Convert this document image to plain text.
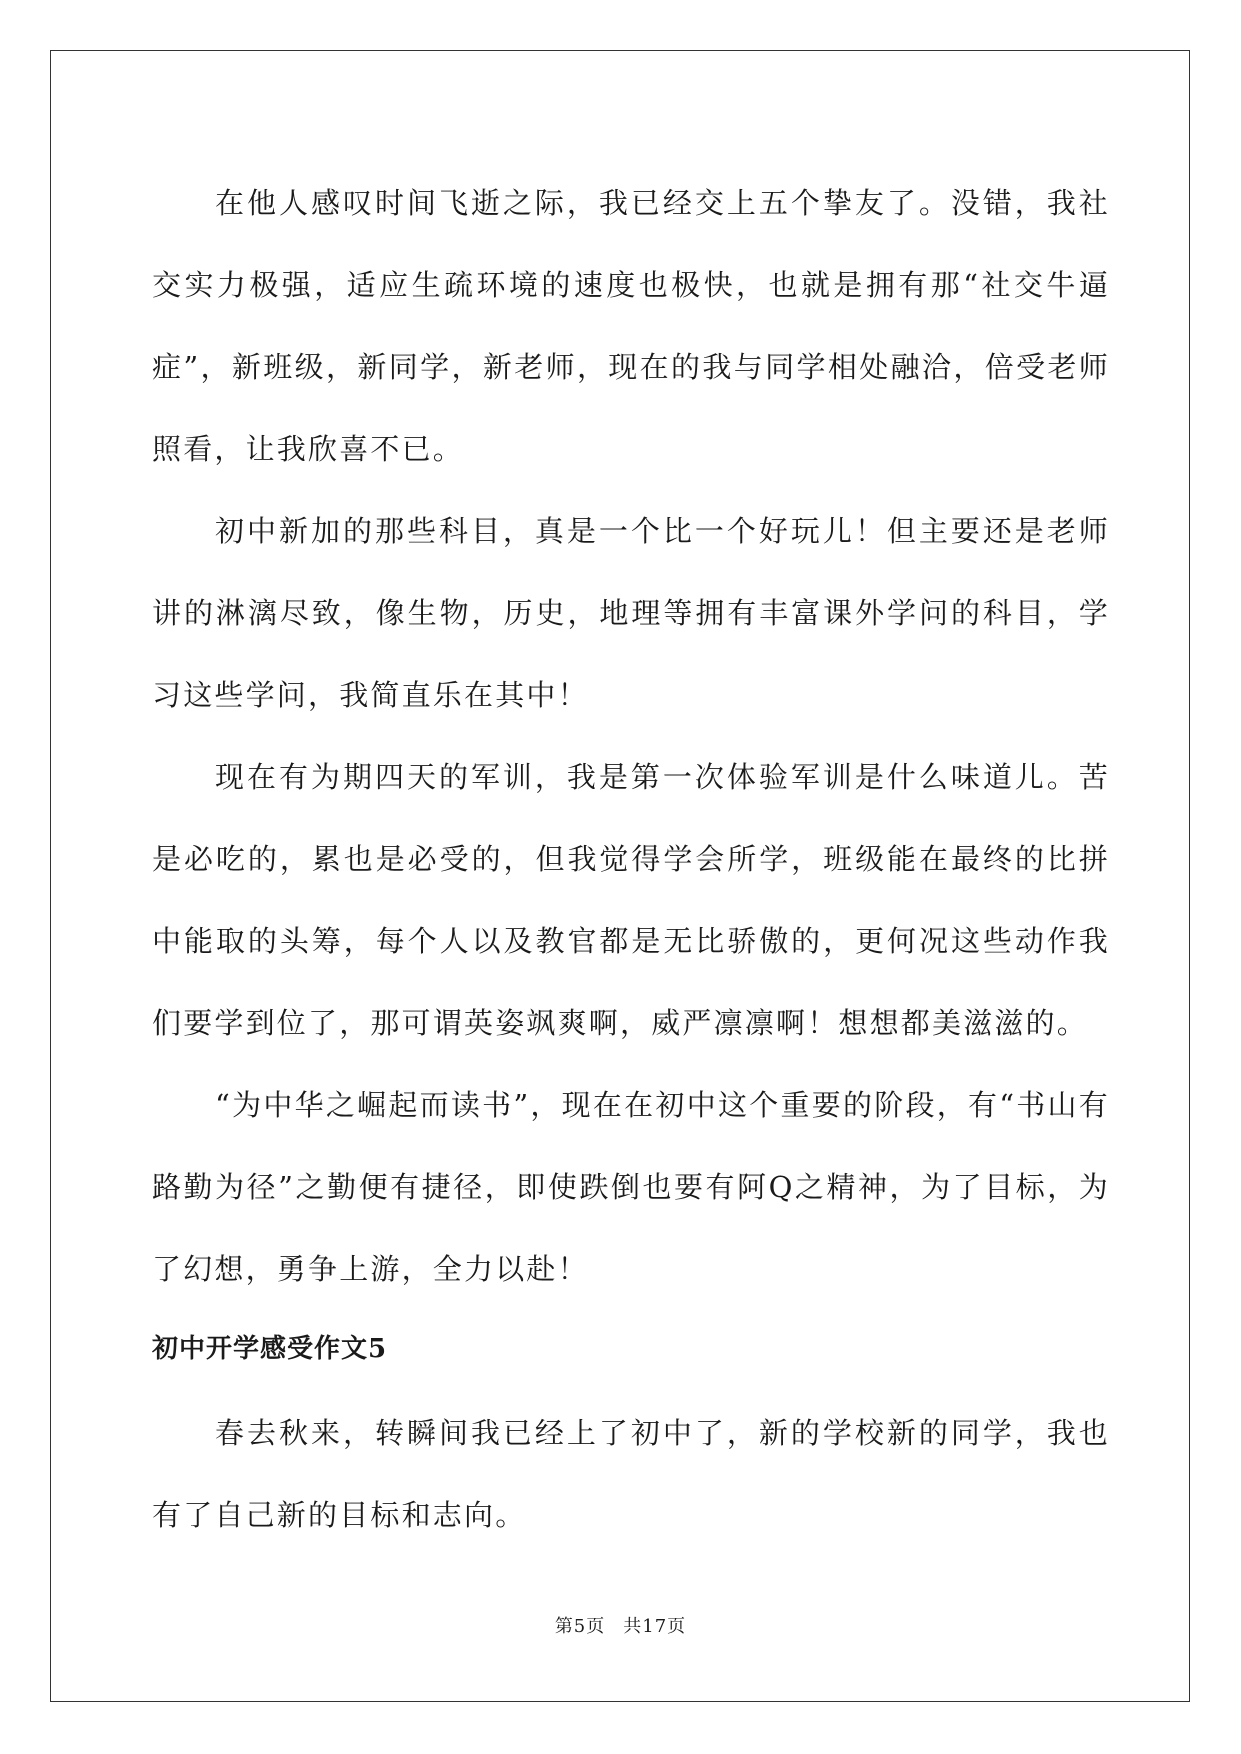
在他人感叹时间飞逝之际，我已经交上五个挚友了。没错，我社交实力极强，适应生疏环境的速度也极快，也就是拥有那“社交牛逼症”，新班级，新同学，新老师，现在的我与同学相处融洽，倍受老师照看，让我欣喜不已。

初中新加的那些科目，真是一个比一个好玩儿！但主要还是老师讲的淋漓尽致，像生物，历史，地理等拥有丰富课外学问的科目，学习这些学问，我简直乐在其中！

现在有为期四天的军训，我是第一次体验军训是什么味道儿。苦是必吃的，累也是必受的，但我觉得学会所学，班级能在最终的比拼中能取的头筹，每个人以及教官都是无比骄傲的，更何况这些动作我们要学到位了，那可谓英姿飒爽啊，威严凛凛啊！想想都美滋滋的。

“为中华之崛起而读书”，现在在初中这个重要的阶段，有“书山有路勤为径”之勤便有捷径，即使跌倒也要有阿Q之精神，为了目标，为了幻想，勇争上游，全力以赴！

初中开学感受作文5

春去秋来，转瞬间我已经上了初中了，新的学校新的同学，我也有了自己新的目标和志向。

第5页 共17页
